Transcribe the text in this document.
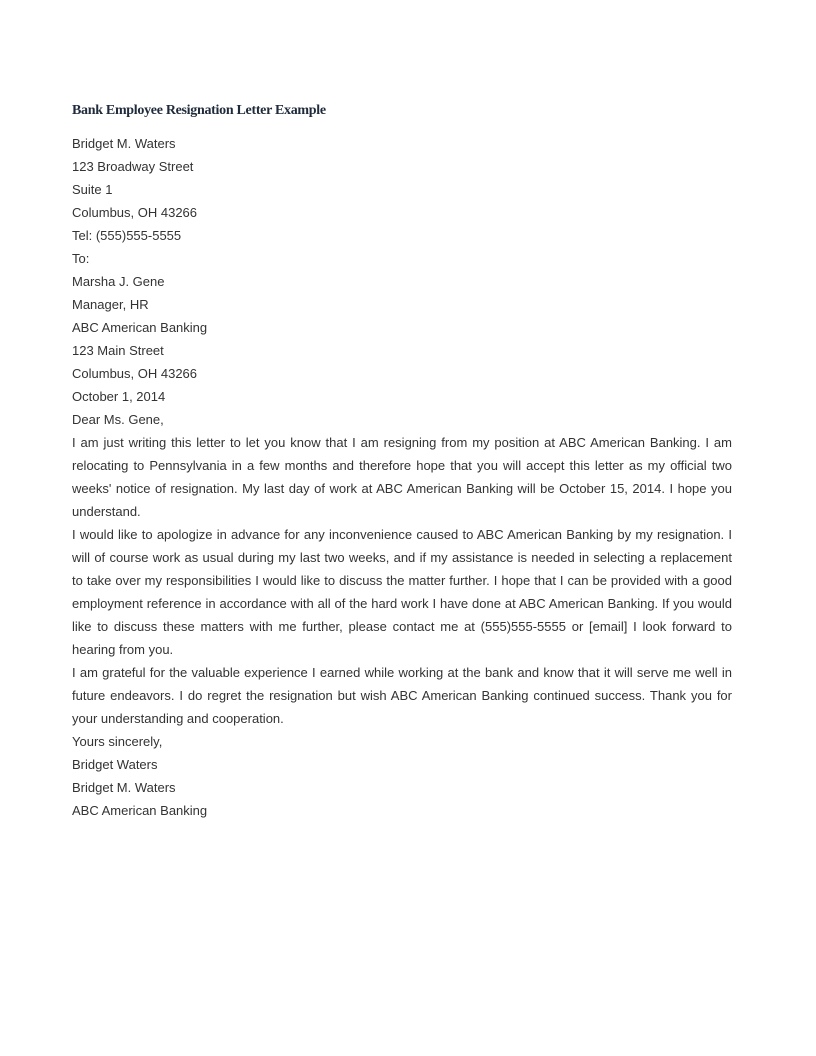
Bank Employee Resignation Letter Example
Bridget M. Waters
123 Broadway Street
Suite 1
Columbus, OH 43266
Tel: (555)555-5555
To:
Marsha J. Gene
Manager, HR
ABC American Banking
123 Main Street
Columbus, OH 43266
October 1, 2014
Dear Ms. Gene,
I am just writing this letter to let you know that I am resigning from my position at ABC American Banking. I am relocating to Pennsylvania in a few months and therefore hope that you will accept this letter as my official two weeks' notice of resignation. My last day of work at ABC American Banking will be October 15, 2014. I hope you understand.
I would like to apologize in advance for any inconvenience caused to ABC American Banking by my resignation. I will of course work as usual during my last two weeks, and if my assistance is needed in selecting a replacement to take over my responsibilities I would like to discuss the matter further. I hope that I can be provided with a good employment reference in accordance with all of the hard work I have done at ABC American Banking. If you would like to discuss these matters with me further, please contact me at (555)555-5555 or [email] I look forward to hearing from you.
I am grateful for the valuable experience I earned while working at the bank and know that it will serve me well in future endeavors. I do regret the resignation but wish ABC American Banking continued success. Thank you for your understanding and cooperation.
Yours sincerely,
Bridget Waters
Bridget M. Waters
ABC American Banking
